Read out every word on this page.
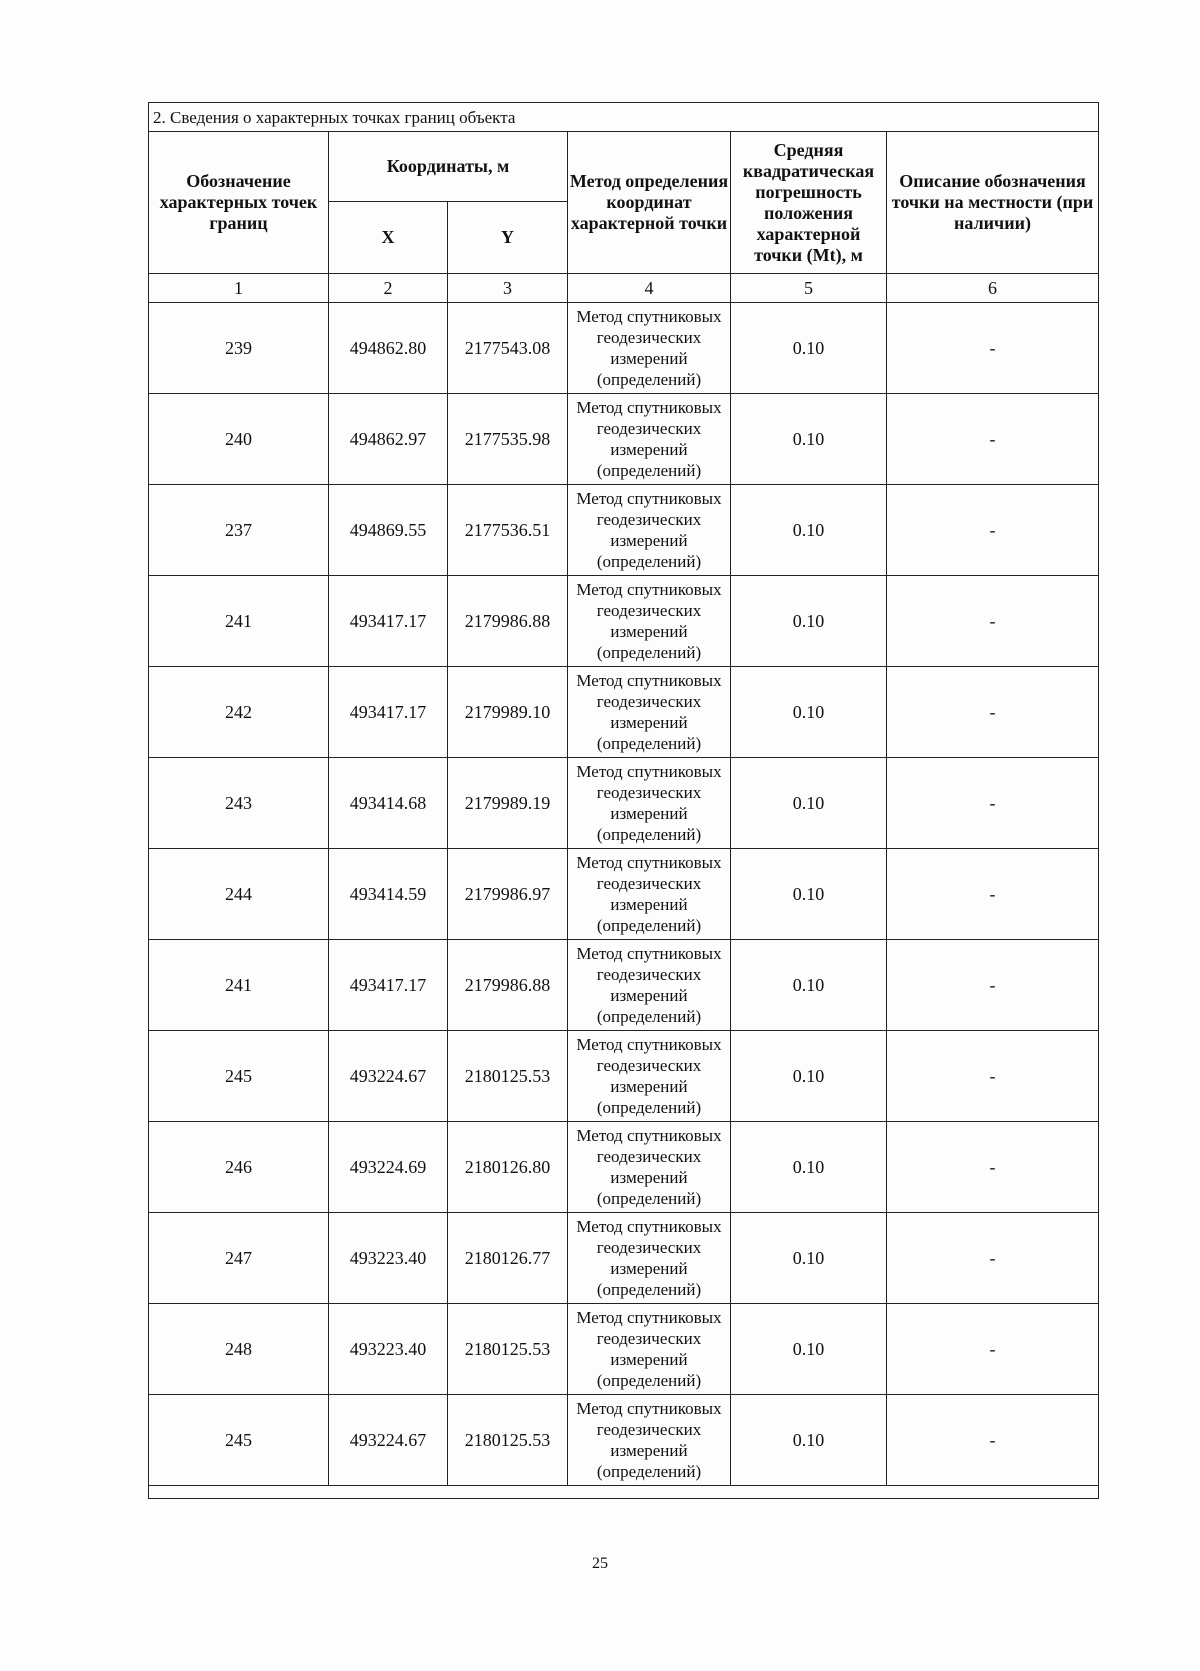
2. Сведения о характерных точках границ объекта					
Обозначение характерных точек границ	Координаты, м		Метод определения координат характерной точки	Средняя квадратическая погрешность положения характерной точки (Mt), м	Описание обозначения точки на местности (при наличии)
	X	Y			
1	2	3	4	5	6
239	494862.80	2177543.08	Метод спутниковых
геодезических
измерений
(определений)	0.10	-
240	494862.97	2177535.98	Метод спутниковых
геодезических
измерений
(определений)	0.10	-
237	494869.55	2177536.51	Метод спутниковых
геодезических
измерений
(определений)	0.10	-
241	493417.17	2179986.88	Метод спутниковых
геодезических
измерений
(определений)	0.10	-
242	493417.17	2179989.10	Метод спутниковых
геодезических
измерений
(определений)	0.10	-
243	493414.68	2179989.19	Метод спутниковых
геодезических
измерений
(определений)	0.10	-
244	493414.59	2179986.97	Метод спутниковых
геодезических
измерений
(определений)	0.10	-
241	493417.17	2179986.88	Метод спутниковых
геодезических
измерений
(определений)	0.10	-
245	493224.67	2180125.53	Метод спутниковых
геодезических
измерений
(определений)	0.10	-
246	493224.69	2180126.80	Метод спутниковых
геодезических
измерений
(определений)	0.10	-
247	493223.40	2180126.77	Метод спутниковых
геодезических
измерений
(определений)	0.10	-
248	493223.40	2180125.53	Метод спутниковых
геодезических
измерений
(определений)	0.10	-
245	493224.67	2180125.53	Метод спутниковых
геодезических
измерений
(определений)	0.10	-

25
